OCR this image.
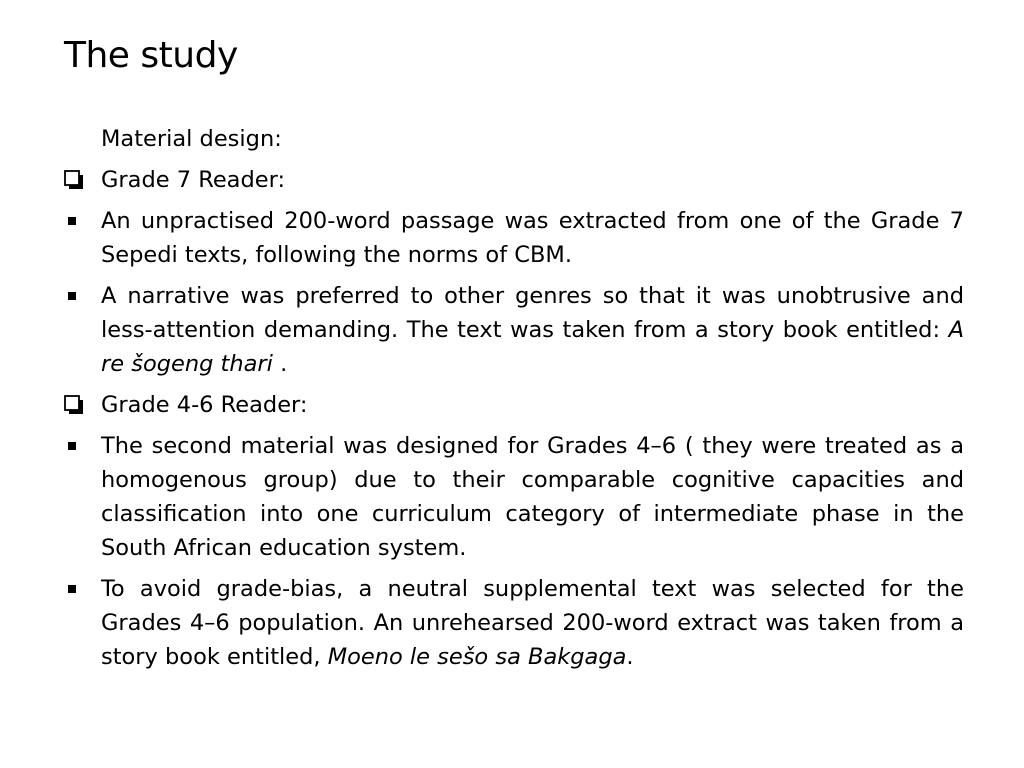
The study
Material design:
Grade 7 Reader:
An unpractised 200-word passage was extracted from one of the Grade 7 Sepedi texts, following the norms of CBM.
A narrative was preferred to other genres so that it was unobtrusive and less-attention demanding. The text was taken from a story book entitled: A re šogeng thari .
Grade 4-6 Reader:
The second material was designed for Grades 4–6 ( they were treated as a homogenous group) due to their comparable cognitive capacities and classification into one curriculum category of intermediate phase in the South African education system.
To avoid grade-bias, a neutral supplemental text was selected for the Grades 4–6 population. An unrehearsed 200-word extract was taken from a story book entitled, Moeno le sešo sa Bakgaga.
